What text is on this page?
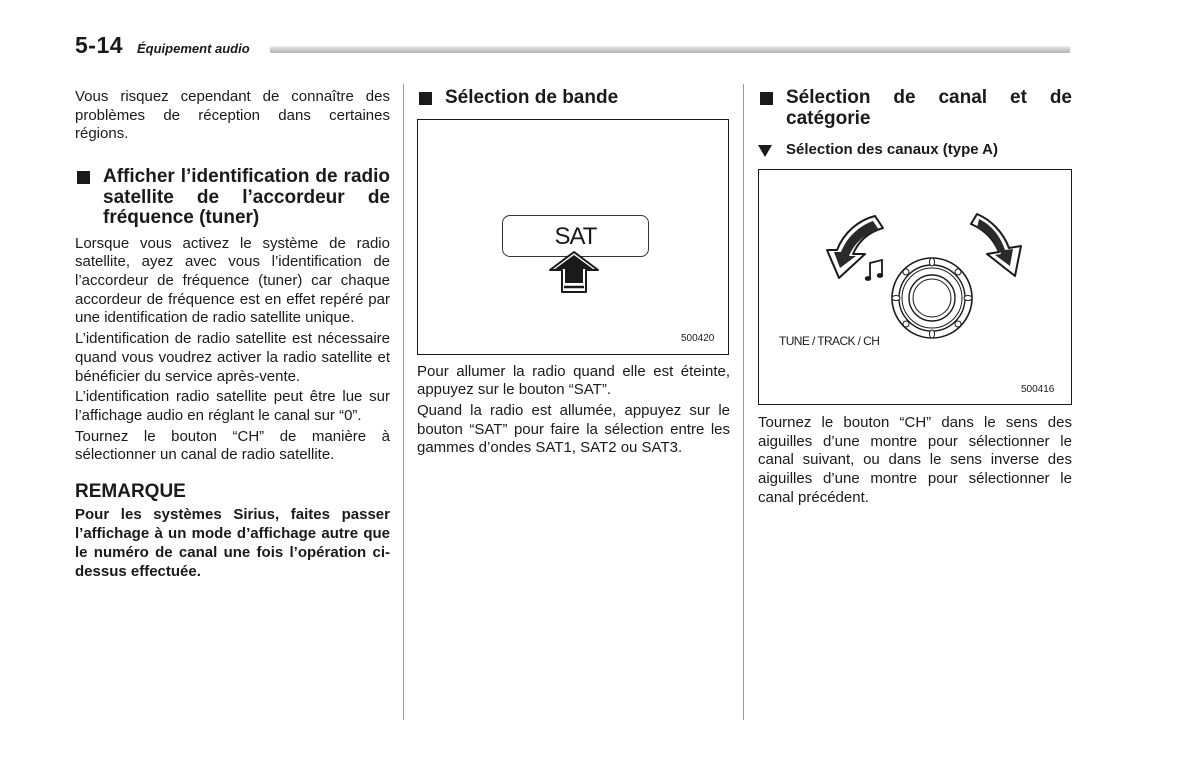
5-14 Équipement audio

Vous risquez cependant de connaître des problèmes de réception dans certaines régions.

Afficher l’identification de radio satellite de l’accordeur de fréquence (tuner)

Lorsque vous activez le système de radio satellite, ayez avec vous l’identification de l’accordeur de fréquence (tuner) car chaque accordeur de fréquence est en effet repéré par une identification de radio satellite unique.

L’identification de radio satellite est nécessaire quand vous voudrez activer la radio satellite et bénéficier du service après-vente.

L’identification radio satellite peut être lue sur l’affichage audio en réglant le canal sur “0”.

Tournez le bouton “CH” de manière à sélectionner un canal de radio satellite.

REMARQUE

Pour les systèmes Sirius, faites passer l’affichage à un mode d’affichage autre que le numéro de canal une fois l’opération ci-dessus effectuée.

Sélection de bande
SAT
500420

Pour allumer la radio quand elle est éteinte, appuyez sur le bouton “SAT”.

Quand la radio est allumée, appuyez sur le bouton “SAT” pour faire la sélection entre les gammes d’ondes SAT1, SAT2 ou SAT3.

Sélection de canal et de catégorie
Sélection des canaux (type A)
TUNE / TRACK / CH
500416

Tournez le bouton “CH” dans le sens des aiguilles d’une montre pour sélectionner le canal suivant, ou dans le sens inverse des aiguilles d’une montre pour sélectionner le canal précédent.
